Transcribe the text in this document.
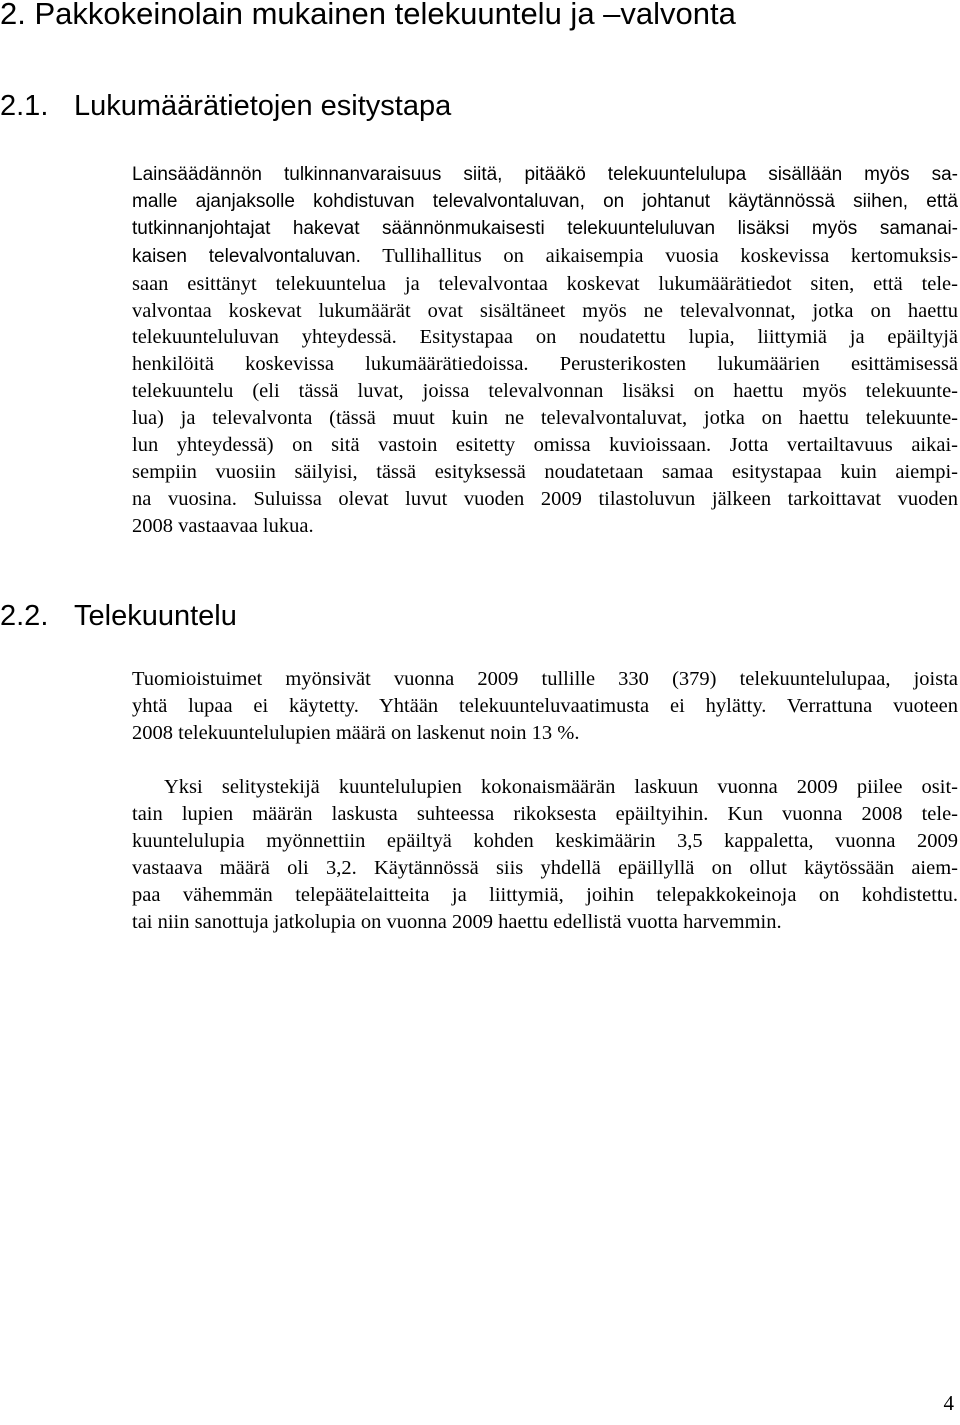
2. Pakkokeinolain mukainen telekuuntelu ja –valvonta
2.1. Lukumäärätietojen esitystapa
Lainsäädännön tulkinnanvaraisuus siitä, pitääkö telekuuntelulupa sisällään myös sa-
malle ajanjaksolle kohdistuvan televalvontaluvan, on johtanut käytännössä siihen, että
tutkinnanjohtajat hakevat säännönmukaisesti telekuunteluluvan lisäksi myös samanai-
kaisen televalvontaluvan. Tullihallitus on aikaisempia vuosia koskevissa kertomuksis-
saan esittänyt telekuuntelua ja televalvontaa koskevat lukumäärätiedot siten, että tele-
valvontaa koskevat lukumäärät ovat sisältäneet myös ne televalvonnat, jotka on haettu
telekuunteluluvan yhteydessä. Esitystapaa on noudatettu lupia, liittymiä ja epäiltyjä
henkilöitä koskevissa lukumäärätiedoissa. Perusterikosten lukumäärien esittämisessä
telekuuntelu (eli tässä luvat, joissa televalvonnan lisäksi on haettu myös telekuunte-
lua) ja televalvonta (tässä muut kuin ne televalvontaluvat, jotka on haettu telekuunte-
lun yhteydessä) on sitä vastoin esitetty omissa kuvioissaan. Jotta vertailtavuus aikai-
sempiin vuosiin säilyisi, tässä esityksessä noudatetaan samaa esitystapaa kuin aiempi-
na vuosina. Suluissa olevat luvut vuoden 2009 tilastoluvun jälkeen tarkoittavat vuoden
2008 vastaavaa lukua.
2.2. Telekuuntelu
Tuomioistuimet myönsivät vuonna 2009 tullille 330 (379) telekuuntelulupaa, joista
yhtä lupaa ei käytetty. Yhtään telekuunteluvaatimusta ei hylätty. Verrattuna vuoteen
2008 telekuuntelulupien määrä on laskenut noin 13 %.
Yksi selitystekijä kuuntelulupien kokonaismäärän laskuun vuonna 2009 piilee osit-
tain lupien määrän laskusta suhteessa rikoksesta epäiltyihin. Kun vuonna 2008 tele-
kuuntelulupia myönnettiin epäiltyä kohden keskimäärin 3,5 kappaletta, vuonna 2009
vastaava määrä oli 3,2. Käytännössä siis yhdellä epäillyllä on ollut käytössään aiem-
paa vähemmän telepäätelaitteita ja liittymiä, joihin telepakkokeinoja on kohdistettu.
tai niin sanottuja jatkolupia on vuonna 2009 haettu edellistä vuotta harvemmin.
4
